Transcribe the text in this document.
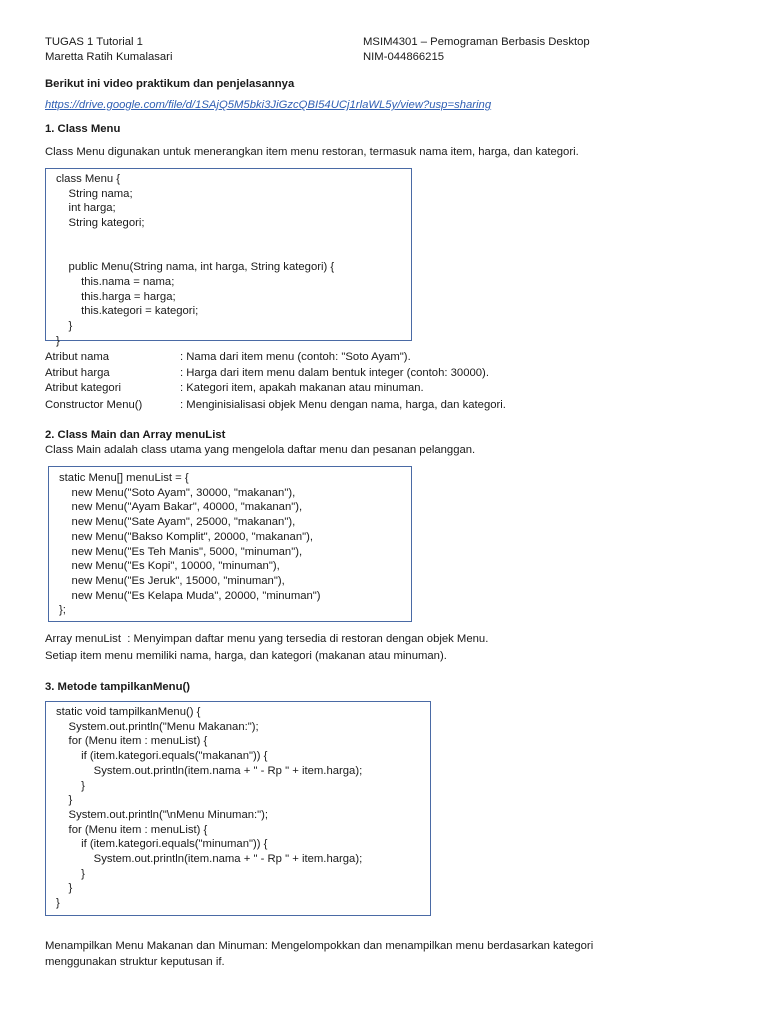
TUGAS 1 Tutorial 1
Maretta Ratih Kumalasari
MSIM4301 – Pemograman Berbasis Desktop
NIM-044866215
Berikut ini video praktikum dan penjelasannya
https://drive.google.com/file/d/1SAjQ5M5bki3JiGzcQBI54UCj1rlaWL5y/view?usp=sharing
1. Class Menu
Class Menu digunakan untuk menerangkan item menu restoran, termasuk nama item, harga, dan kategori.
class Menu {
String nama;
int harga;
String kategori;

public Menu(String nama, int harga, String kategori) {
this.nama = nama;
this.harga = harga;
this.kategori = kategori;
}
}
Atribut nama	: Nama dari item menu (contoh: "Soto Ayam").
Atribut harga	: Harga dari item menu dalam bentuk integer (contoh: 30000).
Atribut kategori	: Kategori item, apakah makanan atau minuman.
Constructor Menu()	: Menginisialisasi objek Menu dengan nama, harga, dan kategori.
2. Class Main dan Array menuList
Class Main adalah class utama yang mengelola daftar menu dan pesanan pelanggan.
static Menu[] menuList = {
new Menu("Soto Ayam", 30000, "makanan"),
new Menu("Ayam Bakar", 40000, "makanan"),
new Menu("Sate Ayam", 25000, "makanan"),
new Menu("Bakso Komplit", 20000, "makanan"),
new Menu("Es Teh Manis", 5000, "minuman"),
new Menu("Es Kopi", 10000, "minuman"),
new Menu("Es Jeruk", 15000, "minuman"),
new Menu("Es Kelapa Muda", 20000, "minuman")
};
Array menuList  : Menyimpan daftar menu yang tersedia di restoran dengan objek Menu.
Setiap item menu memiliki nama, harga, dan kategori (makanan atau minuman).
3. Metode tampilkanMenu()
static void tampilkanMenu() {
System.out.println("Menu Makanan:");
for (Menu item : menuList) {
if (item.kategori.equals("makanan")) {
System.out.println(item.nama + " - Rp " + item.harga);
}
}
System.out.println("\nMenu Minuman:");
for (Menu item : menuList) {
if (item.kategori.equals("minuman")) {
System.out.println(item.nama + " - Rp " + item.harga);
}
}
}
Menampilkan Menu Makanan dan Minuman: Mengelompokkan dan menampilkan menu berdasarkan kategori
menggunakan struktur keputusan if.
